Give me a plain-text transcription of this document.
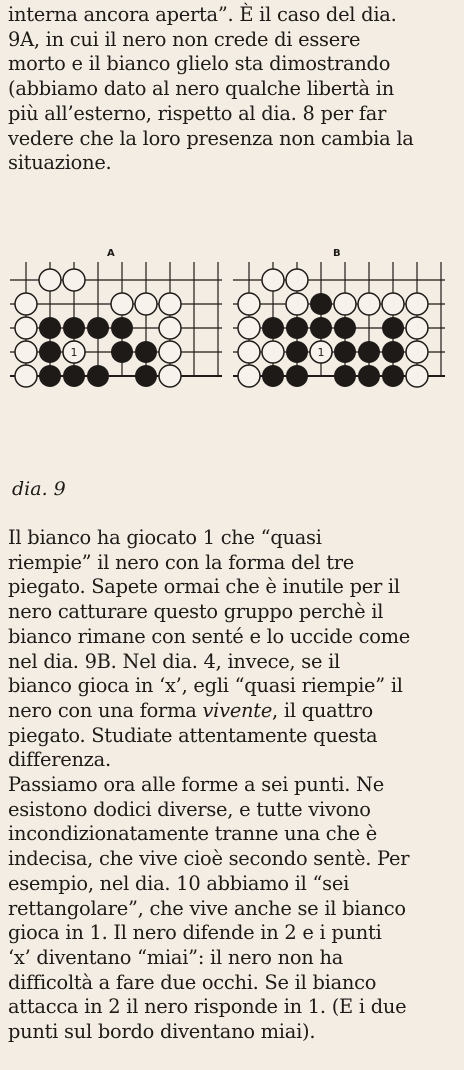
interna ancora aperta”. È il caso del dia.
9A, in cui il nero non crede di essere
morto e il bianco glielo sta dimostrando
(abbiamo dato al nero qualche libertà in
più all’esterno, rispetto al dia. 8 per far
vedere che la loro presenza non cambia la
situazione.
A	B
1	1
dia. 9
Il bianco ha giocato 1 che “quasi
riempie” il nero con la forma del tre
piegato. Sapete ormai che è inutile per il
nero catturare questo gruppo perchè il
bianco rimane con senté e lo uccide come
nel dia. 9B. Nel dia. 4, invece, se il
bianco gioca in ‘x’, egli “quasi riempie” il
nero con una forma vivente, il quattro
piegato. Studiate attentamente questa
differenza.
Passiamo ora alle forme a sei punti. Ne
esistono dodici diverse, e tutte vivono
incondizionatamente tranne una che è
indecisa, che vive cioè secondo sentè. Per
esempio, nel dia. 10 abbiamo il “sei
rettangolare”, che vive anche se il bianco
gioca in 1. Il nero difende in 2 e i punti
‘x’ diventano “miai”: il nero non ha
difficoltà a fare due occhi. Se il bianco
attacca in 2 il nero risponde in 1. (E i due
punti sul bordo diventano miai).
